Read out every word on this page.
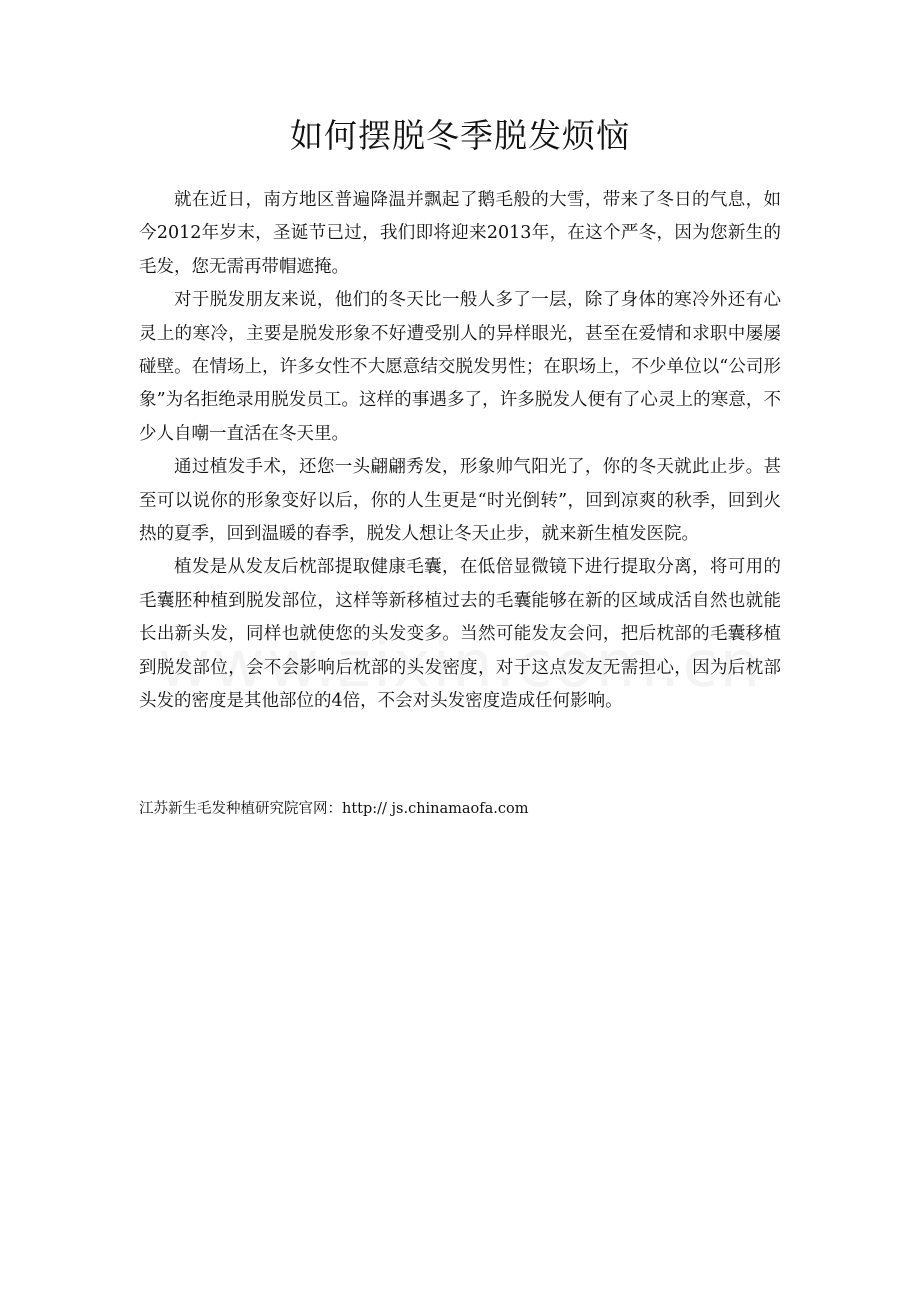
如何摆脱冬季脱发烦恼

就在近日，南方地区普遍降温并飘起了鹅毛般的大雪，带来了冬日的气息，如今2012年岁末，圣诞节已过，我们即将迎来2013年，在这个严冬，因为您新生的毛发，您无需再带帽遮掩。

对于脱发朋友来说，他们的冬天比一般人多了一层，除了身体的寒冷外还有心灵上的寒冷，主要是脱发形象不好遭受别人的异样眼光，甚至在爱情和求职中屡屡碰壁。在情场上，许多女性不大愿意结交脱发男性；在职场上，不少单位以“公司形象”为名拒绝录用脱发员工。这样的事遇多了，许多脱发人便有了心灵上的寒意，不少人自嘲一直活在冬天里。

通过植发手术，还您一头翩翩秀发，形象帅气阳光了，你的冬天就此止步。甚至可以说你的形象变好以后，你的人生更是“时光倒转”，回到凉爽的秋季，回到火热的夏季，回到温暖的春季，脱发人想让冬天止步，就来新生植发医院。

植发是从发友后枕部提取健康毛囊，在低倍显微镜下进行提取分离，将可用的毛囊胚种植到脱发部位，这样等新移植过去的毛囊能够在新的区域成活自然也就能长出新头发，同样也就使您的头发变多。当然可能发友会问，把后枕部的毛囊移植到脱发部位，会不会影响后枕部的头发密度，对于这点发友无需担心，因为后枕部头发的密度是其他部位的4倍，不会对头发密度造成任何影响。

江苏新生毛发种植研究院官网：http:// js.chinamaofa.com
